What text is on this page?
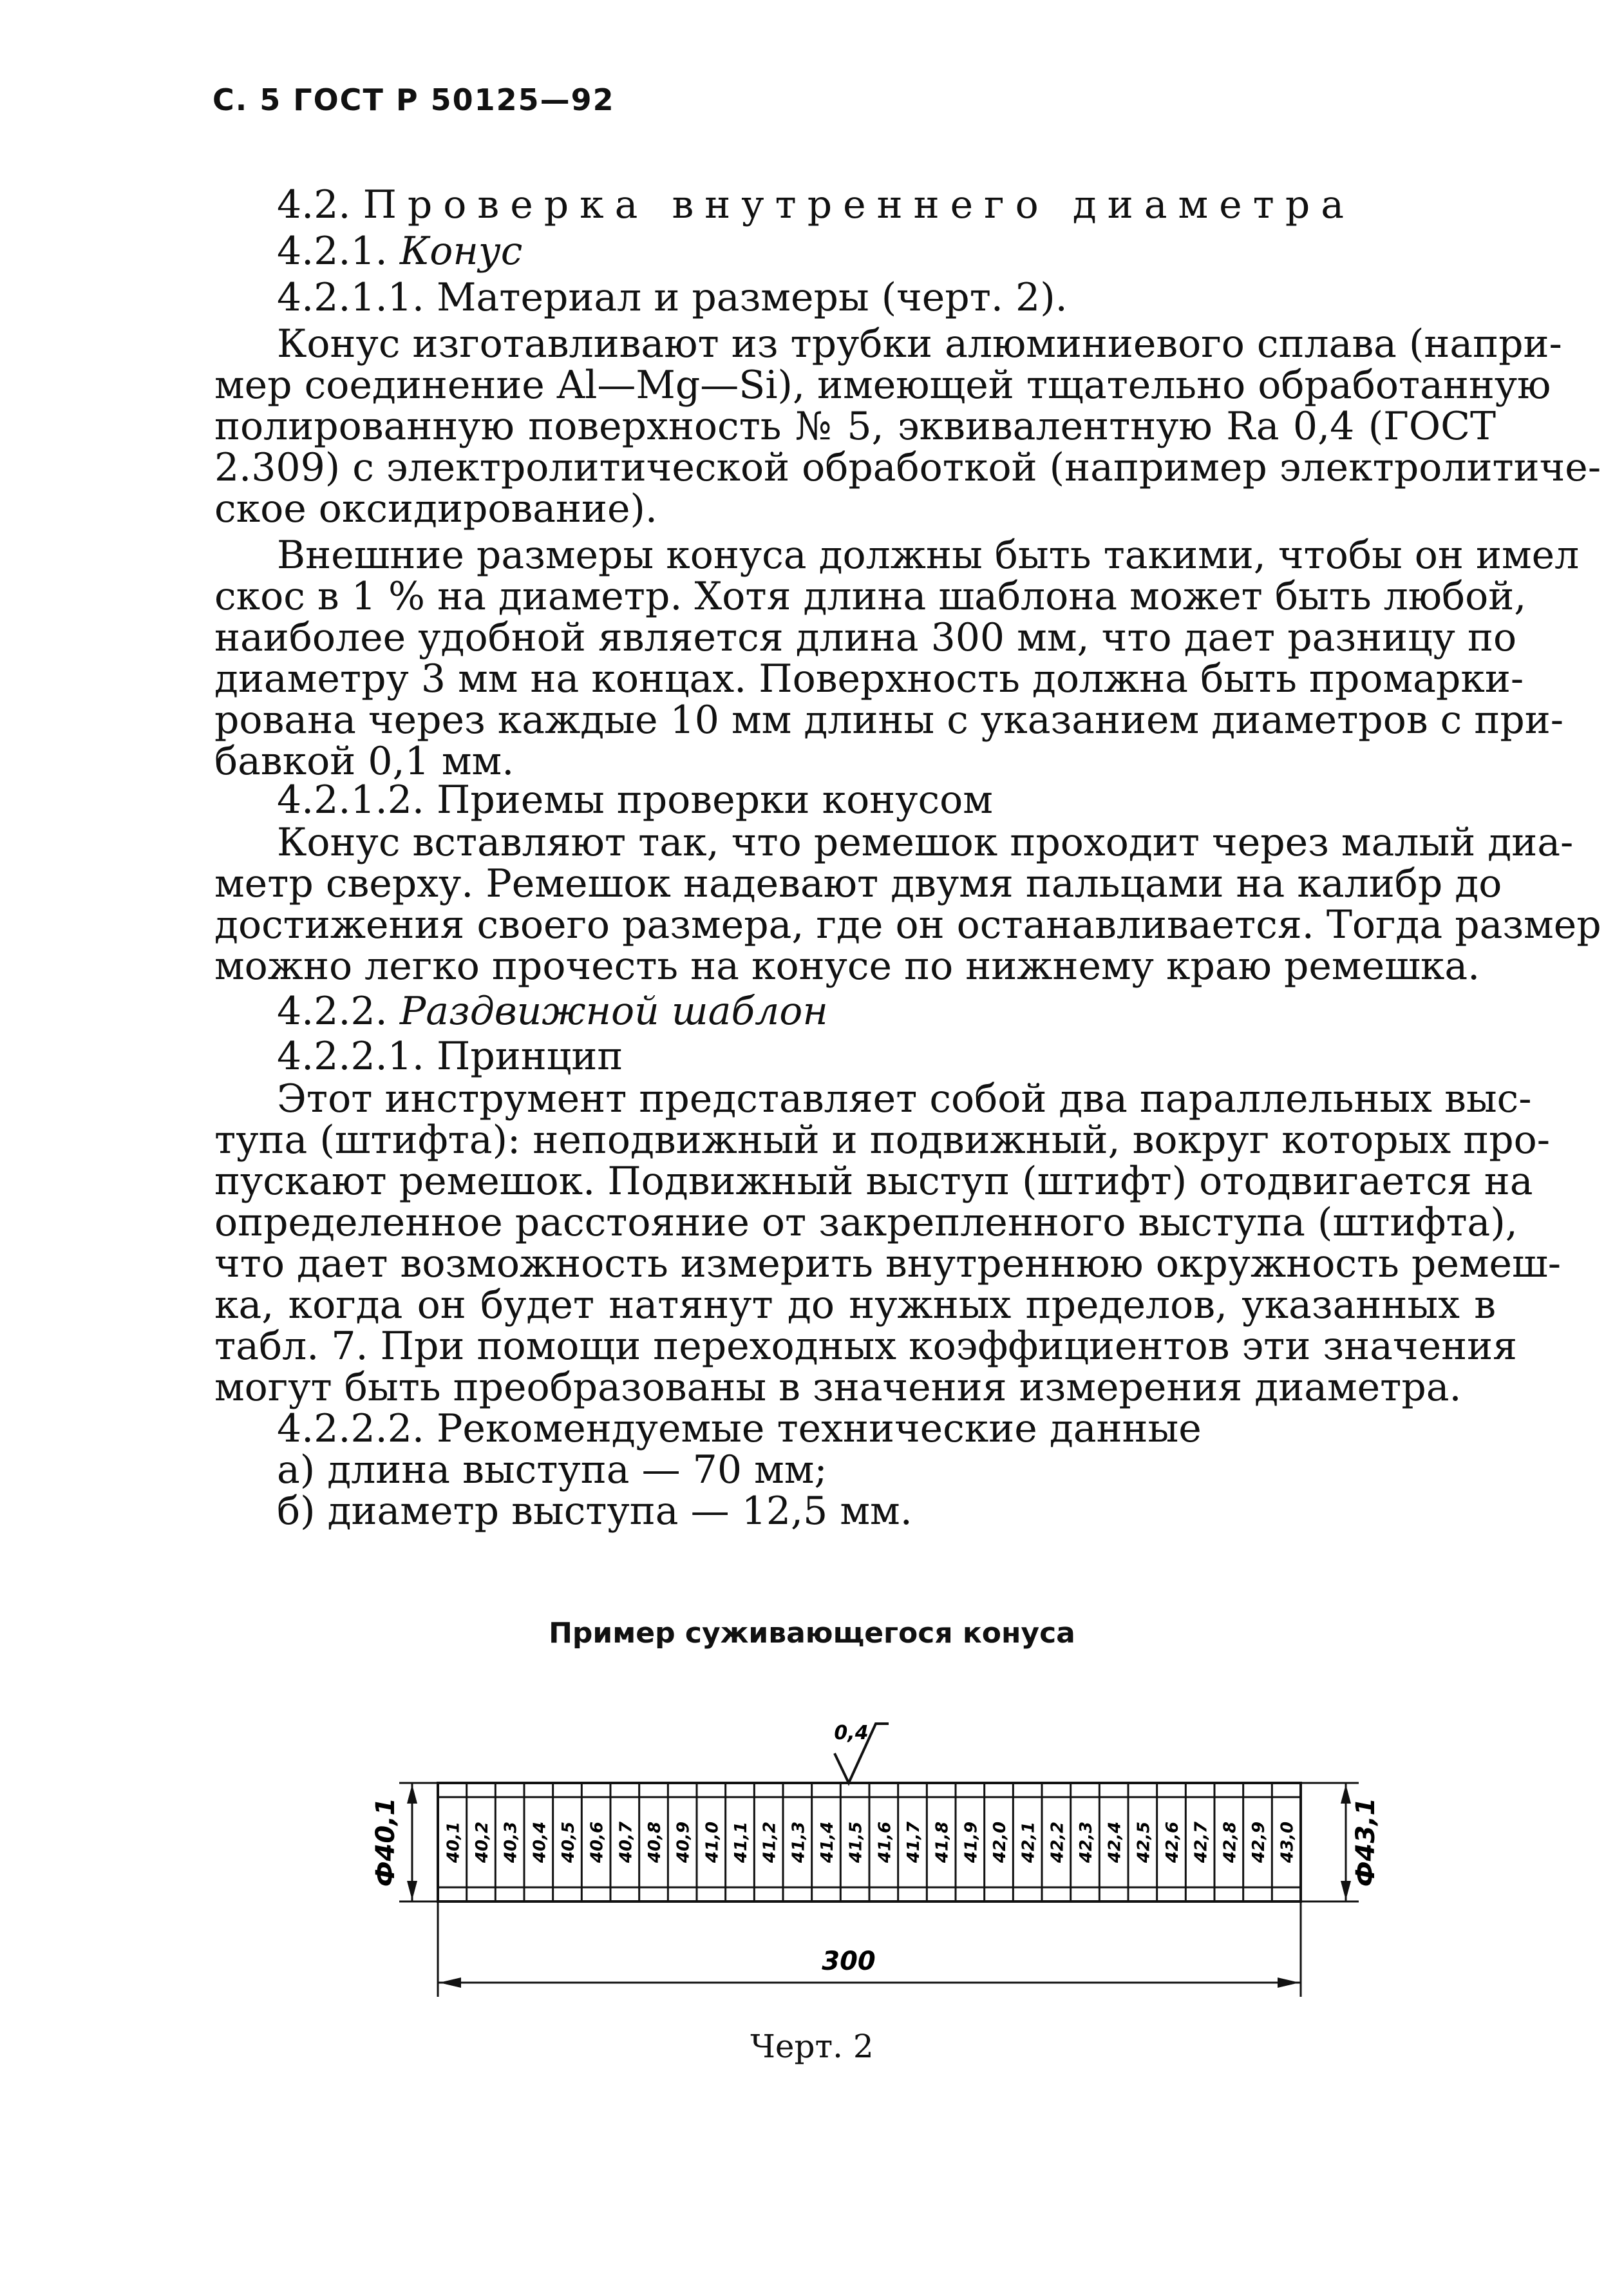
С. 5 ГОСТ Р 50125—92
4.2. Проверка внутреннего диаметра
4.2.1. Конус
4.2.1.1. Материал и размеры (черт. 2).
Конус изготавливают из трубки алюминиевого сплава (напри-
мер соединение Al—Mg—Si), имеющей тщательно обработанную
полированную поверхность № 5, эквивалентную Ra 0,4 (ГОСТ
2.309) с электролитической обработкой (например электролитиче-
ское оксидирование).
Внешние размеры конуса должны быть такими, чтобы он имел
скос в 1 % на диаметр. Хотя длина шаблона может быть любой,
наиболее удобной является длина 300 мм, что дает разницу по
диаметру 3 мм на концах. Поверхность должна быть промарки-
рована через каждые 10 мм длины с указанием диаметров с при-
бавкой 0,1 мм.
4.2.1.2. Приемы проверки конусом
Конус вставляют так, что ремешок проходит через малый диа-
метр сверху. Ремешок надевают двумя пальцами на калибр до
достижения своего размера, где он останавливается. Тогда размер
можно легко прочесть на конусе по нижнему краю ремешка.
4.2.2. Раздвижной шаблон
4.2.2.1. Принцип
Этот инструмент представляет собой два параллельных выс-
тупа (штифта): неподвижный и подвижный, вокруг которых про-
пускают ремешок. Подвижный выступ (штифт) отодвигается на
определенное расстояние от закрепленного выступа (штифта),
что дает возможность измерить внутреннюю окружность ремеш-
ка, когда он будет натянут до нужных пределов, указанных в
табл. 7. При помощи переходных коэффициентов эти значения
могут быть преобразованы в значения измерения диаметра.
4.2.2.2. Рекомендуемые технические данные
а) длина выступа — 70 мм;
б) диаметр выступа — 12,5 мм.
Пример суживающегося конуса
40,1 40,2 40,3 40,4 40,5 40,6 40,7 40,8 40,9 41,0 41,1 41,2 41,3 41,4 41,5 41,6 41,7 41,8 41,9 42,0 42,1 42,2 42,3 42,4 42,5 42,6 42,7 42,8 42,9 43,0
Ф40,1	Ф43,1
300
0,4
Черт. 2
